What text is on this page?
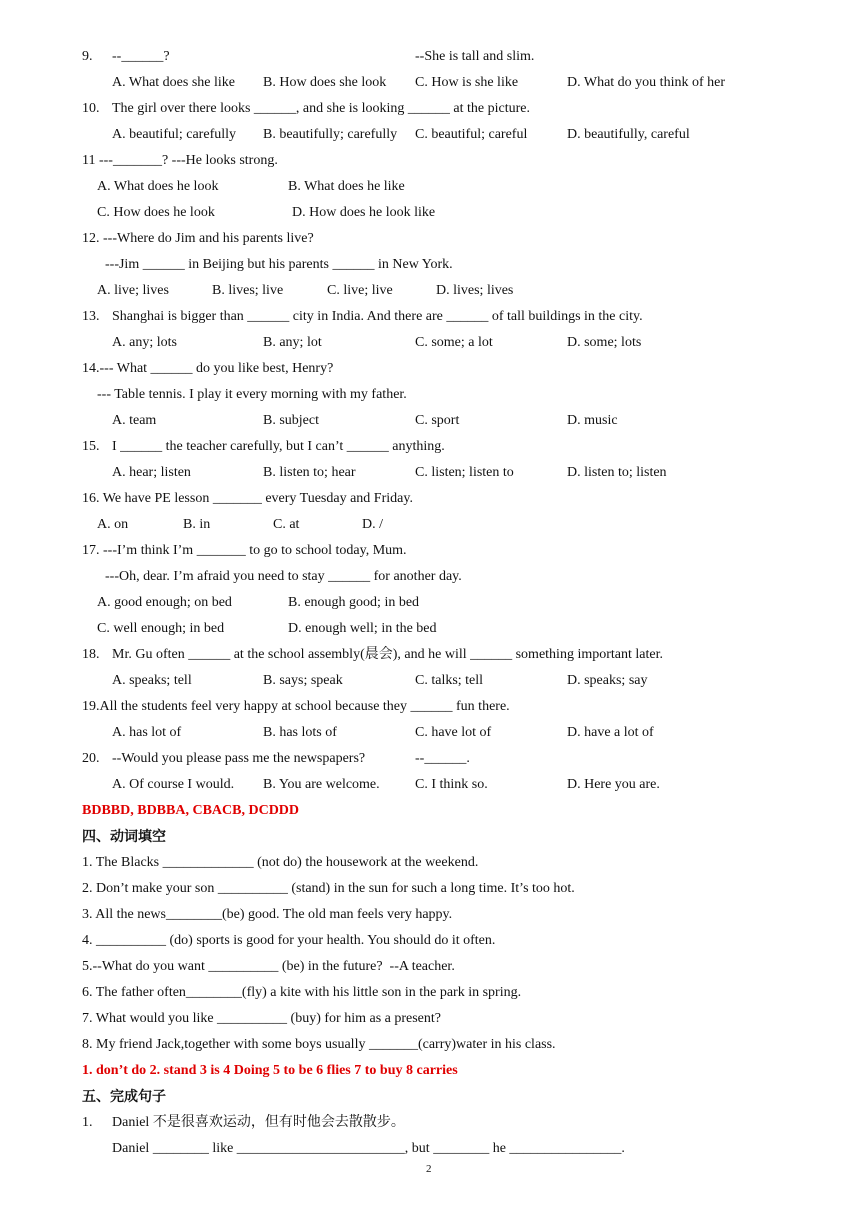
9. --______?	--She is tall and slim.
A. What does she like B. How does she look C. How is she like	D. What do you think of her
10. The girl over there looks ______, and she is looking ______ at the picture.
A. beautiful; carefully B. beautifully; carefully C. beautiful; careful	D. beautifully, careful
11 ---_______? ---He looks strong.
A. What does he look	B. What does he like
C. How does he look	D. How does he look like
12. ---Where do Jim and his parents live?
---Jim ______ in Beijing but his parents ______ in New York.
A. live; lives	B. lives; live	C. live; live	D. lives; lives
13. Shanghai is bigger than ______ city in India. And there are ______ of tall buildings in the city.
A. any; lots	B. any; lot	C. some; a lot	D. some; lots
14.--- What ______ do you like best, Henry?
--- Table tennis. I play it every morning with my father.
A. team	B. subject	C. sport	D. music
15. I ______ the teacher carefully, but I can’t ______ anything.
A. hear; listen	B. listen to; hear	C. listen; listen to	D. listen to; listen
16. We have PE lesson _______ every Tuesday and Friday.
A. on	B. in	C. at	D. /
17. ---I’m think I’m _______ to go to school today, Mum.
---Oh, dear. I’m afraid you need to stay ______ for another day.
A. good enough; on bed	B. enough good; in bed
C. well enough; in bed	D. enough well; in the bed
18. Mr. Gu often ______ at the school assembly(晨会), and he will ______ something important later.
A. speaks; tell	B. says; speak	C. talks; tell	D. speaks; say
19.All the students feel very happy at school because they ______ fun there.
A. has lot of	B. has lots of	C. have lot of	D. have a lot of
20. --Would you please pass me the newspapers?	--______.
A. Of course I would. B. You are welcome.	C. I think so.	D. Here you are.
BDBBD, BDBBA, CBACB, DCDDD
四、动词填空
1. The Blacks _____________ (not do) the housework at the weekend.
2. Don’t make your son __________ (stand) in the sun for such a long time. It’s too hot.
3. All the news________(be) good. The old man feels very happy.
4. __________ (do) sports is good for your health. You should do it often.
5.--What do you want __________ (be) in the future?  --A teacher.
6. The father often________(fly) a kite with his little son in the park in spring.
7. What would you like __________ (buy) for him as a present?
8. My friend Jack,together with some boys usually _______(carry)water in his class.
1. don’t do 2. stand 3 is 4 Doing 5 to be 6 flies 7 to buy 8 carries
五、完成句子
1. Daniel 不是很喜欢运动，但有时他会去散散步。
Daniel ________ like ________________________, but ________ he ________________.
2
